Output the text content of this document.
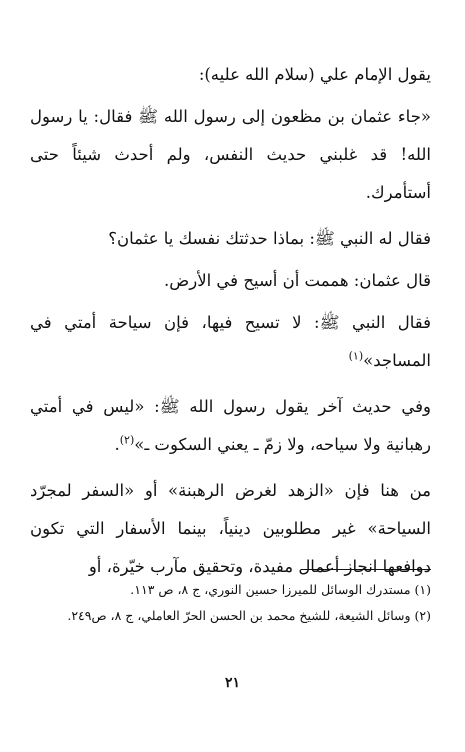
يقول الإمام علي (سلام الله عليه):

«جاء عثمان بن مظعون إلى رسول الله ﷺ فقال: يا رسول الله! قد غلبني حديث النفس، ولم أحدث شيئاً حتى أستأمرك.

فقال له النبي ﷺ: بماذا حدثتك نفسك يا عثمان؟

قال عثمان: هممت أن أسيح في الأرض.

فقال النبي ﷺ: لا تسيح فيها، فإن سياحة أمتي في المساجد»$^{(١)}$

وفي حديث آخر يقول رسول الله ﷺ: «ليس في أمتي رهبانية ولا سياحه، ولا زمّ ـ يعني السكوت ـ»$^{(٢)}$.

من هنا فإن «الزهد لغرض الرهبنة» أو «السفر لمجرّد السياحة» غير مطلوبين دينياً، بينما الأسفار التي تكون دوافعها انجاز أعمال مفيدة، وتحقيق مآرب خيّرة، أو

(١) مستدرك الوسائل للميرزا حسين النوري، ج ٨، ص ١١٣.

(٢) وسائل الشيعة، للشيخ محمد بن الحسن الحرّ العاملي، ج ٨، ص٢٤٩.

٢١
